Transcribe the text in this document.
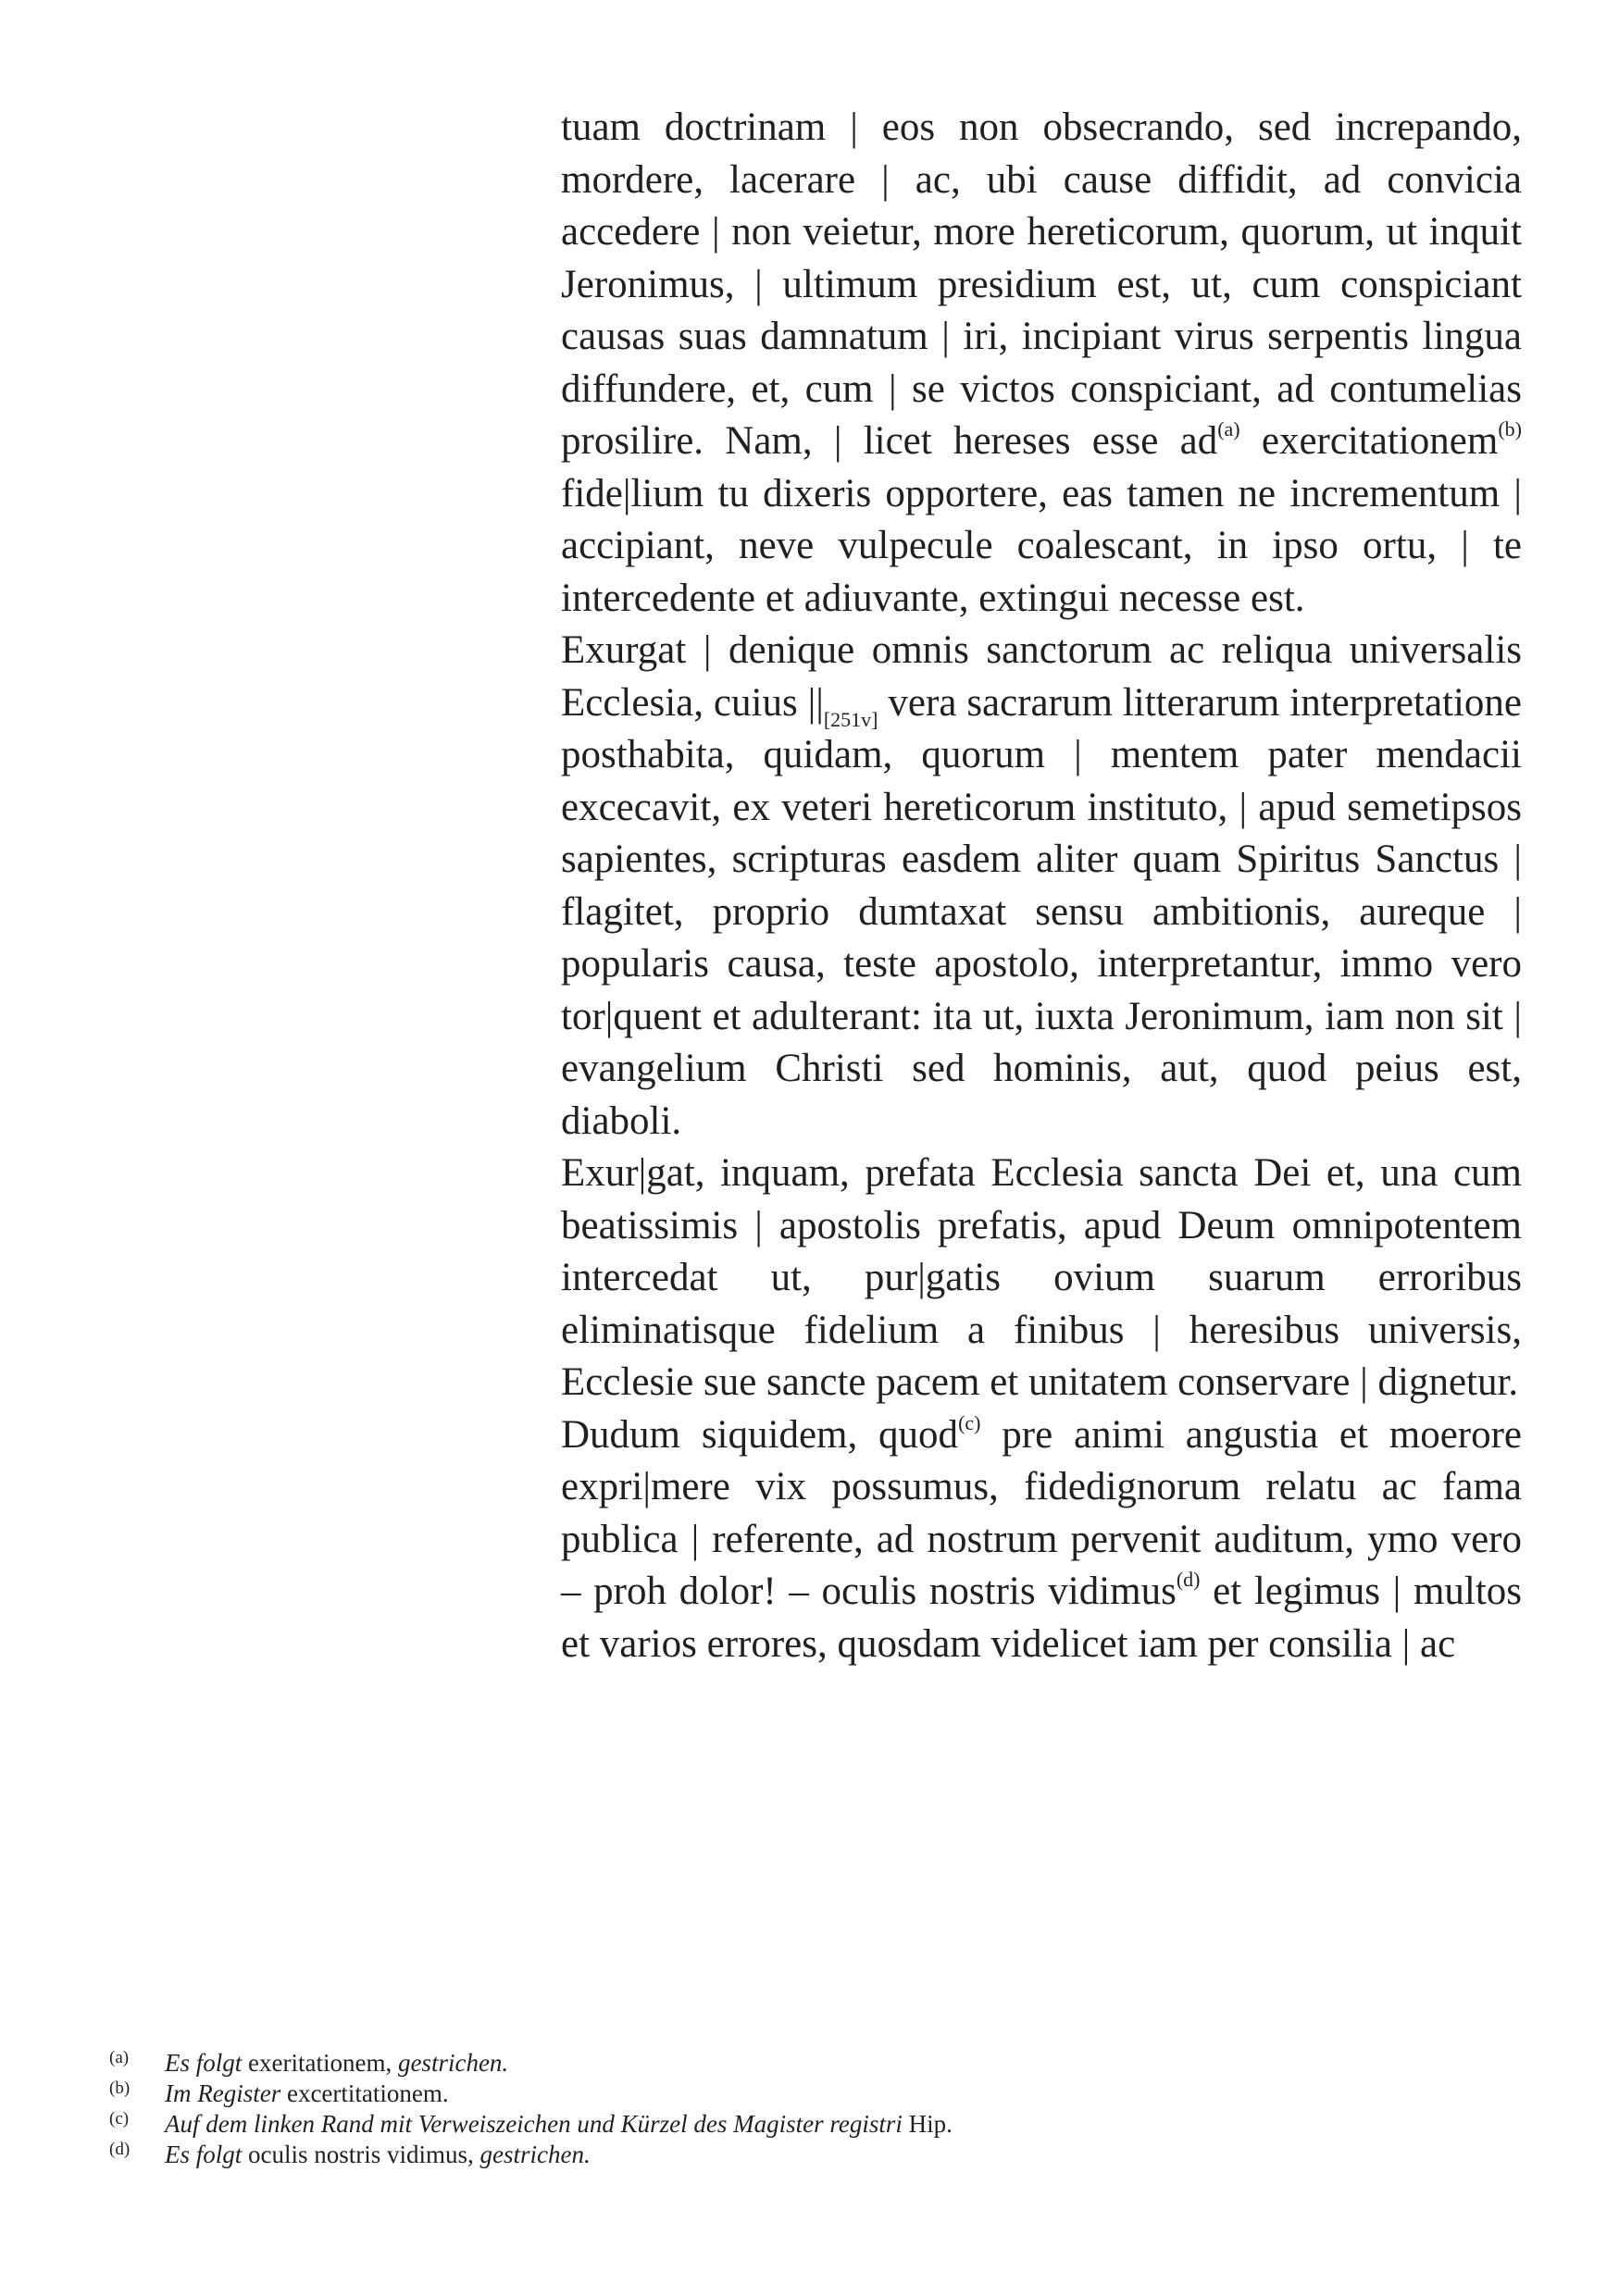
tuam doctrinam | eos non obsecrando, sed increpando, mordere, lacerare | ac, ubi cause diffidit, ad convicia accedere | non veietur, more hereticorum, quorum, ut inquit Jeronimus, | ultimum presidium est, ut, cum conspiciant causas suas damnatum | iri, incipiant virus serpentis lingua diffundere, et, cum | se victos conspiciant, ad contumelias prosilire. Nam, | licet hereses esse $ad^{(a)}$ exercitationem$^{(b)}$ fide|lium tu dixeris opportere, eas tamen ne incrementum | accipiant, neve vulpecule coalescant, in ipso ortu, | te intercedente et adiuvante, extingui necesse est.

Exurgat | denique omnis sanctorum ac reliqua universalis Ecclesia, cuius $||_{[251v]}$ vera sacrarum litterarum interpretatione posthabita, quidam, quorum | mentem pater mendacii excecavit, ex veteri hereticorum instituto, | apud semetipsos sapientes, scripturas easdem aliter quam Spiritus Sanctus | flagitet, proprio dumtaxat sensu ambitionis, aureque | popularis causa, teste apostolo, interpretantur, immo vero tor|quent et adulterant: ita ut, iuxta Jeronimum, iam non sit | evangelium Christi sed hominis, aut, quod peius est, diaboli.

Exur|gat, inquam, prefata Ecclesia sancta Dei et, una cum beatissimis | apostolis prefatis, apud Deum omnipotentem intercedat ut, pur|gatis ovium suarum erroribus eliminatisque fidelium a finibus | heresibus universis, Ecclesie sue sancte pacem et unitatem conservare | dignetur.

Dudum siquidem, quod$^{(c)}$ pre animi angustia et moerore expri|mere vix possumus, fidedignorum relatu ac fama publica | referente, ad nostrum pervenit auditum, ymo vero – proh dolor! – oculis nostris vidimus$^{(d)}$ et legimus | multos et varios errores, quosdam videlicet iam per consilia | ac

(a) Es folgt exeritationem, gestrichen.
(b) Im Register excertitationem.
(c) Auf dem linken Rand mit Verweiszeichen und Kürzel des Magister registri Hip.
(d) Es folgt oculis nostris vidimus, gestrichen.
